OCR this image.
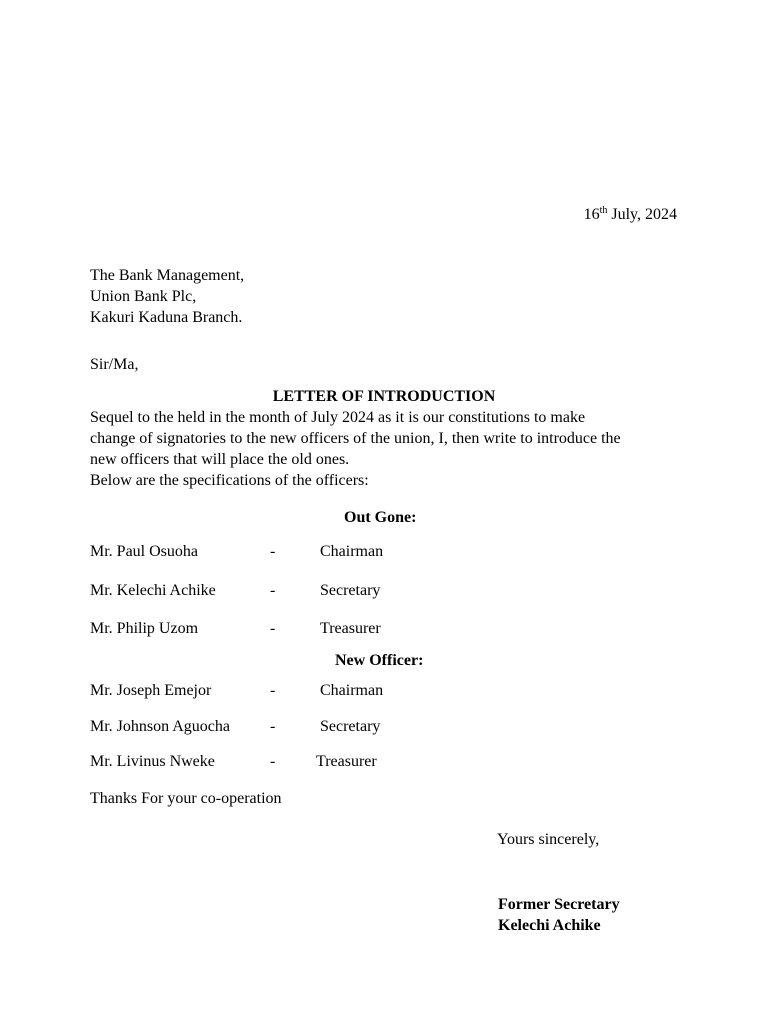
16th July, 2024
The Bank Management,
Union Bank Plc,
Kakuri Kaduna Branch.
Sir/Ma,
LETTER OF INTRODUCTION
Sequel to the held in the month of July 2024 as it is our constitutions to make
change of signatories to the new officers of the union, I, then write to introduce the
new officers that will place the old ones.
Below are the specifications of the officers:
Out Gone:
Mr. Paul Osuoha	-	Chairman
Mr. Kelechi Achike	-	Secretary
Mr. Philip Uzom	-	Treasurer
New Officer:
Mr. Joseph Emejor	-	Chairman
Mr. Johnson Aguocha	-	Secretary
Mr. Livinus Nweke	-	Treasurer
Thanks For your co-operation
Yours sincerely,
Former Secretary
Kelechi Achike
